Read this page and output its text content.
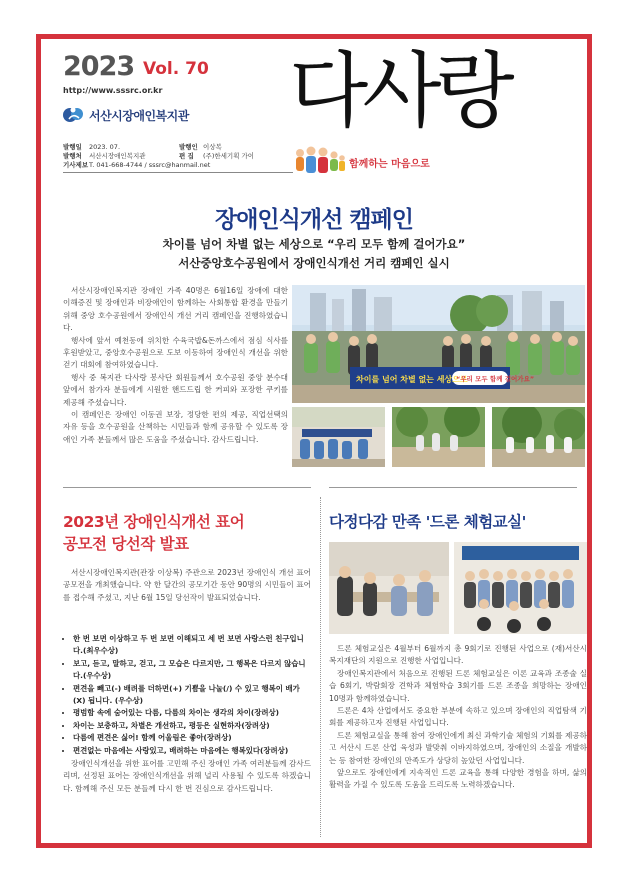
2023 Vol. 70
http://www.sssrc.or.kr
서산시장애인복지관
발행일	2023. 07.	발행인 이상복
발행처	서산시장애인복지관	편 집	(주)한세기획 가이
기사제보 T. 041-668-4744 / sssrc@hanmail.net
다사랑
함께하는 마음으로
장애인식개선 캠페인
차이를 넘어 차별 없는 세상으로 “우리 모두 함께 걸어가요”
서산중앙호수공원에서 장애인식개선 거리 캠페인 실시

서산시장애인복지관 장애인 가족 40명은 6월16일 장애에 대한 이해증진 및 장애인과 비장애인이 함께하는 사회통합 환경을 만들기 위해 중앙 호수공원에서 장애인식 개선 거리 캠페인을 진행하였습니다.

행사에 앞서 예천동에 위치한 수육국밥&돈까스에서 점심 식사를 후원받았고, 중앙호수공원으로 도보 이동하여 장애인식 개선을 위한 걷기 대회에 참여하였습니다.

행사 중 복지관 다사랑 봉사단 회원들께서 호수공원 중앙 분수대 앞에서 참가자 분들에게 시원한 핸드드립 한 커피와 포장한 쿠키를 제공해 주셨습니다.

이 캠페인은 장애인 이동권 보장, 정당한 편의 제공, 직업선택의 자유 등을 호수공원을 산책하는 시민들과 함께 공유할 수 있도록 장애인 가족 분들께서 많은 도움을 주셨습니다. 감사드립니다.

차이를 넘어 차별 없는 세상으로
“우리 모두 함께 걸어가요”
2023년 장애인식개선 표어
공모전 당선작 발표

서산시장애인복지관(관장 이상복) 주관으로 2023년 장애인식 개선 표어 공모전을 개최했습니다. 약 한 달간의 공모기간 동안 90명의 시민들이 표어를 접수해 주셨고, 지난 6월 15일 당선작이 발표되었습니다.

• 한 번 보면 이상하고 두 번 보면 이해되고 세 번 보면 사랑스런 친구입니다.(최우수상)
• 보고, 듣고, 말하고, 걷고, 그 모습은 다르지만, 그 행복은 다르지 않습니다.(우수상)
• 편견을 빼고(-) 배려를 더하면(+) 기쁨을 나눌(/) 수 있고 행복이 배가(X) 됩니다. (우수상)
• 평범함 속에 숨어있는 다름, 다름의 차이는 생각의 차이(장려상)
• 차이는 보충하고, 차별은 개선하고, 평등은 실현하자(장려상)
• 다름에 편견은 싫어! 함께 어울림은 좋아(장려상)
• 편견없는 마음에는 사랑있고, 배려하는 마음에는 행복있다(장려상)

장애인식개선을 위한 표어를 고민해 주신 장애인 가족 여러분들께 감사드리며, 선정된 표어는 장애인식개선을 위해 널리 사용될 수 있도록 하겠습니다. 함께해 주신 모든 분들께 다시 한 번 진심으로 감사드립니다.

다정다감 만족 '드론 체험교실'

드론 체험교실은 4월부터 6월까지 총 9회기로 진행된 사업으로 (재)서산시복지재단의 지원으로 진행한 사업입니다.

장애인복지관에서 처음으로 진행된 드론 체험교실은 이론 교육과 조종술 실습 6회기, 박람회장 견학과 체험학습 3회기를 드론 조종을 희망하는 장애인 10명과 함께하였습니다.

드론은 4차 산업에서도 중요한 부분에 속하고 있으며 장애인의 직업탐색 기회를 제공하고자 진행된 사업입니다.

드론 체험교실을 통해 참여 장애인에게 최신 과학기술 체험의 기회를 제공하고 서산시 드론 산업 육성과 발맞춰 이바지하였으며, 장애인의 소질을 개발하는 등 참여한 장애인의 만족도가 상당히 높았던 사업입니다.

앞으로도 장애인에게 지속적인 드론 교육을 통해 다양한 경험을 하며, 삶의 활력을 가질 수 있도록 도움을 드리도록 노력하겠습니다.
